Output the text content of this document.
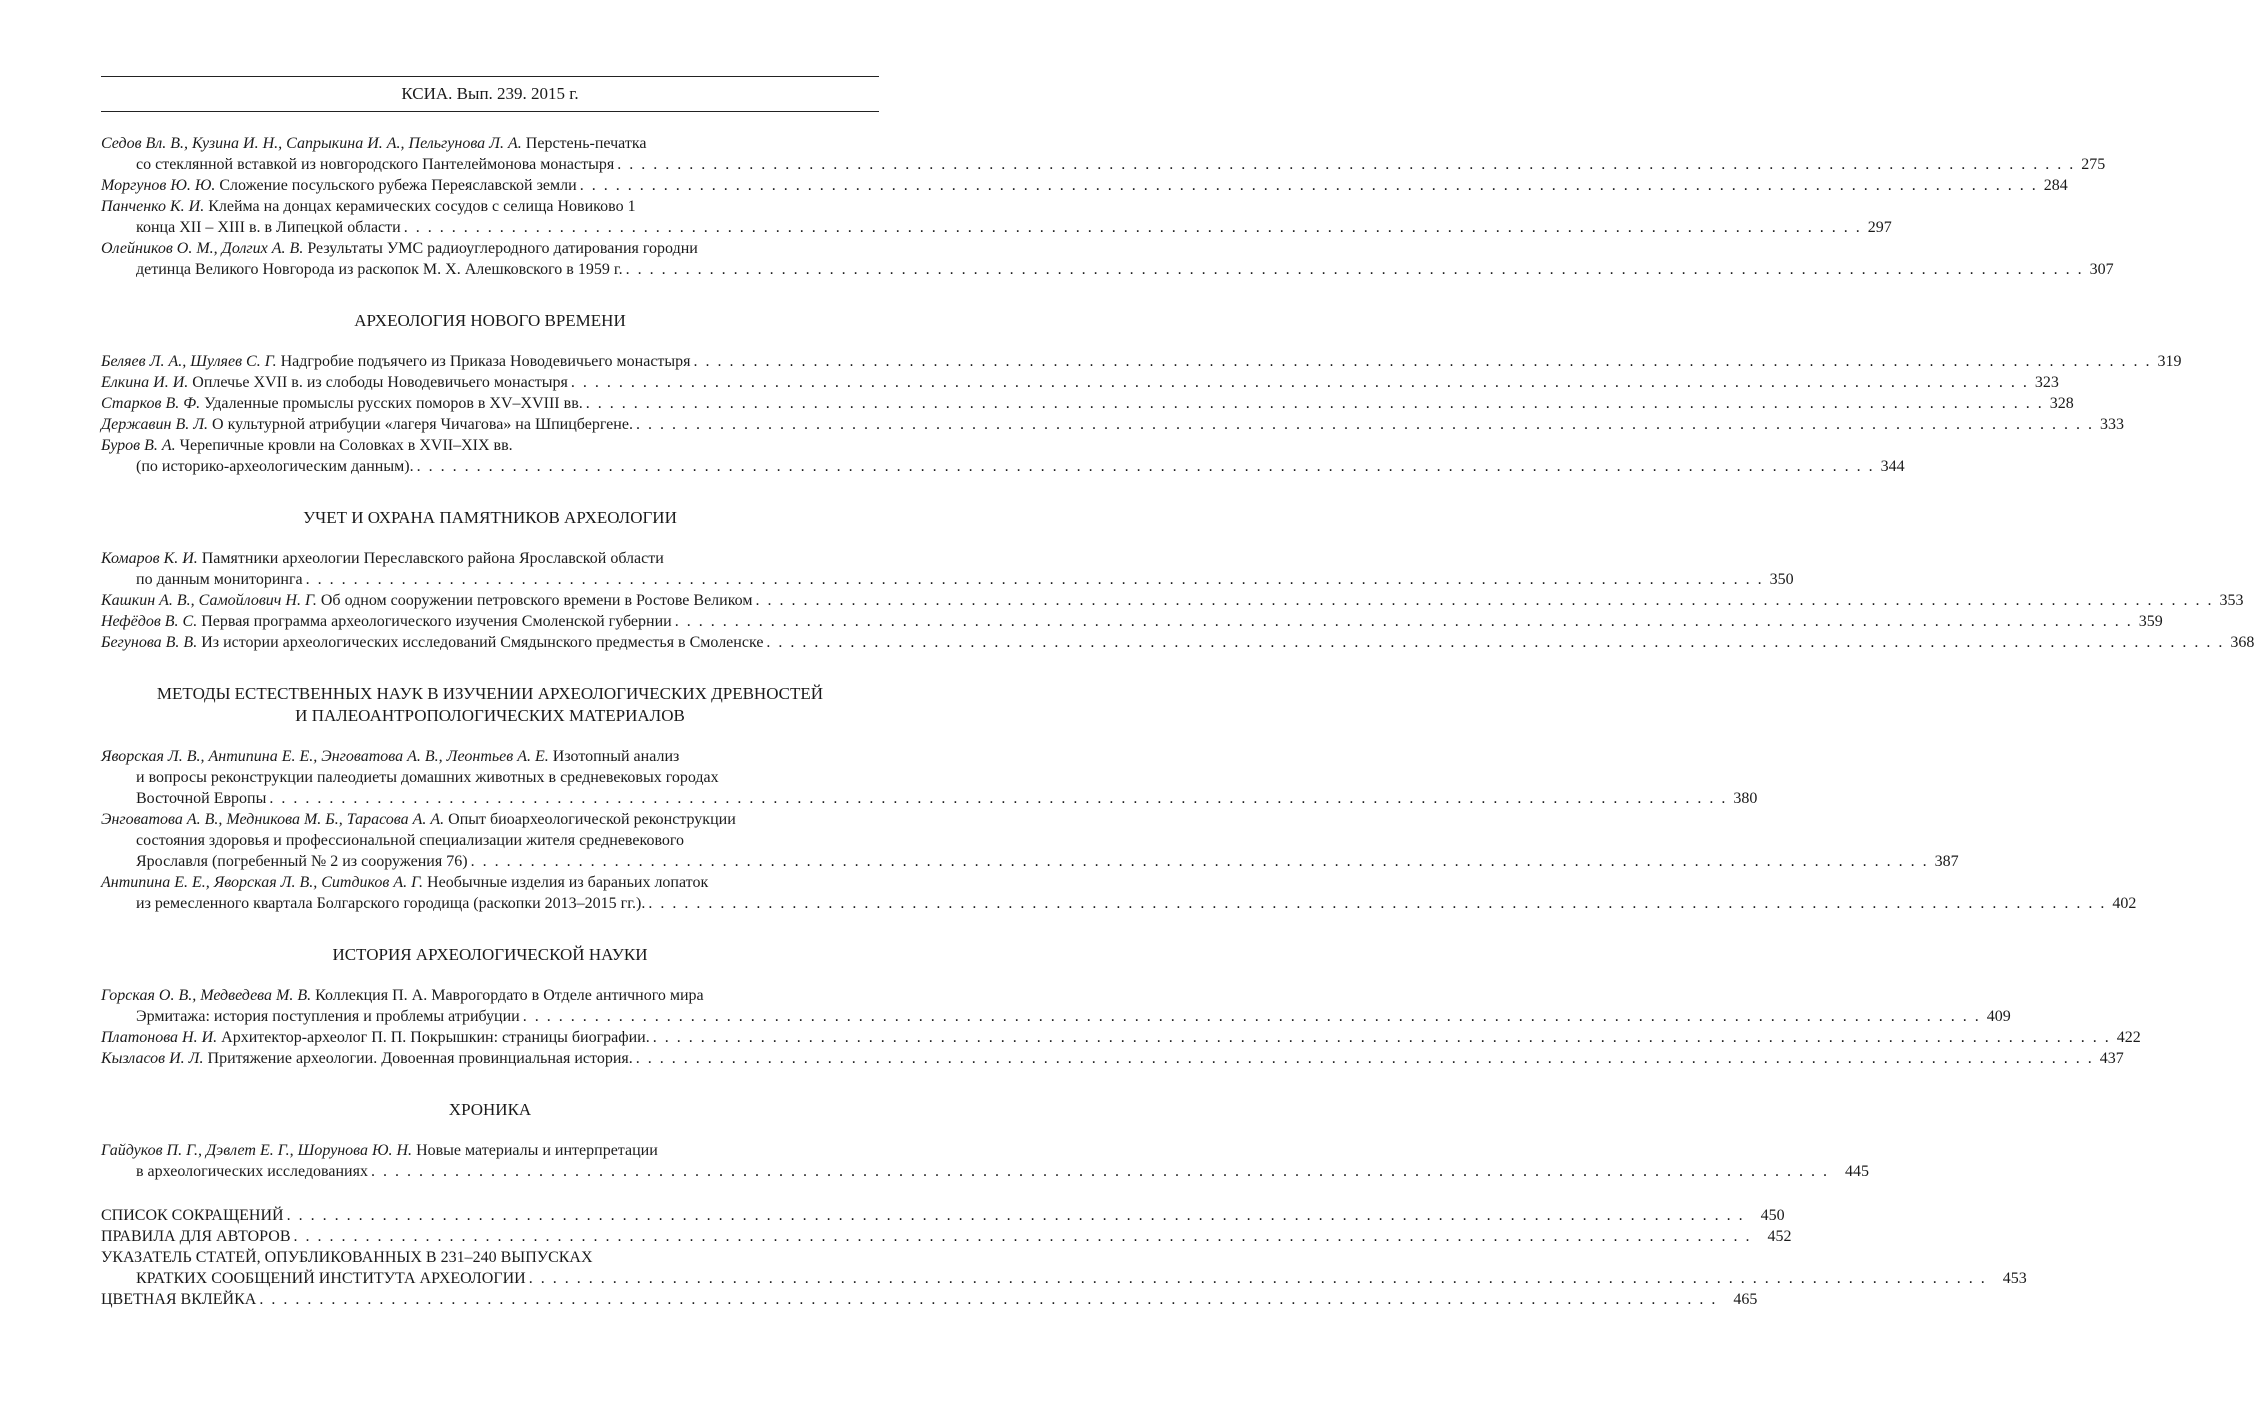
КСИА. Вып. 239. 2015 г.
Седов Вл. В., Кузина И. Н., Сапрыкина И. А., Пельгунова Л. А. Перстень-печатка
со стеклянной вставкой из новгородского Пантелеймонова монастыря . . .	275
Моргунов Ю. Ю. Сложение посульского рубежа Переяславской земли . . .	284
Панченко К. И. Клейма на донцах керамических сосудов с селища Новиково 1
конца XII – XIII в. в Липецкой области . . .	297
Олейников О. М., Долгих А. В. Результаты УМС радиоуглеродного датирования городни
детинца Великого Новгорода из раскопок М. Х. Алешковского в 1959 г. . . .	307
АРХЕОЛОГИЯ НОВОГО ВРЕМЕНИ
Беляев Л. А., Шуляев С. Г. Надгробие подъячего из Приказа Новодевичьего монастыря . . .	319
Елкина И. И. Оплечье XVII в. из слободы Новодевичьего монастыря . . .	323
Старков В. Ф. Удаленные промыслы русских поморов в XV–XVIII вв. . . .	328
Державин В. Л. О культурной атрибуции «лагеря Чичагова» на Шпицбергене. . . .	333
Буров В. А. Черепичные кровли на Соловках в XVII–XIX вв.
(по историко-археологическим данным). . . .	344
УЧЕТ И ОХРАНА ПАМЯТНИКОВ АРХЕОЛОГИИ
Комаров К. И. Памятники археологии Переславского района Ярославской области
по данным мониторинга . . .	350
Кашкин А. В., Самойлович Н. Г. Об одном сооружении петровского времени в Ростове Великом . . .	353
Нефёдов В. С. Первая программа археологического изучения Смоленской губернии . . .	359
Бегунова В. В. Из истории археологических исследований Смядынского предместья в Смоленске . . .	368
МЕТОДЫ ЕСТЕСТВЕННЫХ НАУК В ИЗУЧЕНИИ АРХЕОЛОГИЧЕСКИХ ДРЕВНОСТЕЙ
И ПАЛЕОАНТРОПОЛОГИЧЕСКИХ МАТЕРИАЛОВ
Яворская Л. В., Антипина Е. Е., Энговатова А. В., Леонтьев А. Е. Изотопный анализ
и вопросы реконструкции палеодиеты домашних животных в средневековых городах
Восточной Европы . . .	380
Энговатова А. В., Медникова М. Б., Тарасова А. А. Опыт биоархеологической реконструкции
состояния здоровья и профессиональной специализации жителя средневекового
Ярославля (погребенный № 2 из сооружения 76) . . .	387
Антипина Е. Е., Яворская Л. В., Ситдиков А. Г. Необычные изделия из бараньих лопаток
из ремесленного квартала Болгарского городища (раскопки 2013–2015 гг.). . . .	402
ИСТОРИЯ АРХЕОЛОГИЧЕСКОЙ НАУКИ
Горская О. В., Медведева М. В. Коллекция П. А. Маврогордато в Отделе античного мира
Эрмитажа: история поступления и проблемы атрибуции . . .	409
Платонова Н. И. Архитектор-археолог П. П. Покрышкин: страницы биографии. . . .	422
Кызласов И. Л. Притяжение археологии. Довоенная провинциальная история. . . .	437
ХРОНИКА
Гайдуков П. Г., Дэвлет Е. Г., Шорунова Ю. Н. Новые материалы и интерпретации
в археологических исследованиях . . .	445
СПИСОК СОКРАЩЕНИЙ . . .	450
ПРАВИЛА ДЛЯ АВТОРОВ . . .	452
УКАЗАТЕЛЬ СТАТЕЙ, ОПУБЛИКОВАННЫХ В 231–240 ВЫПУСКАХ
КРАТКИХ СООБЩЕНИЙ ИНСТИТУТА АРХЕОЛОГИИ . . .	453
ЦВЕТНАЯ ВКЛЕЙКА . . .	465
